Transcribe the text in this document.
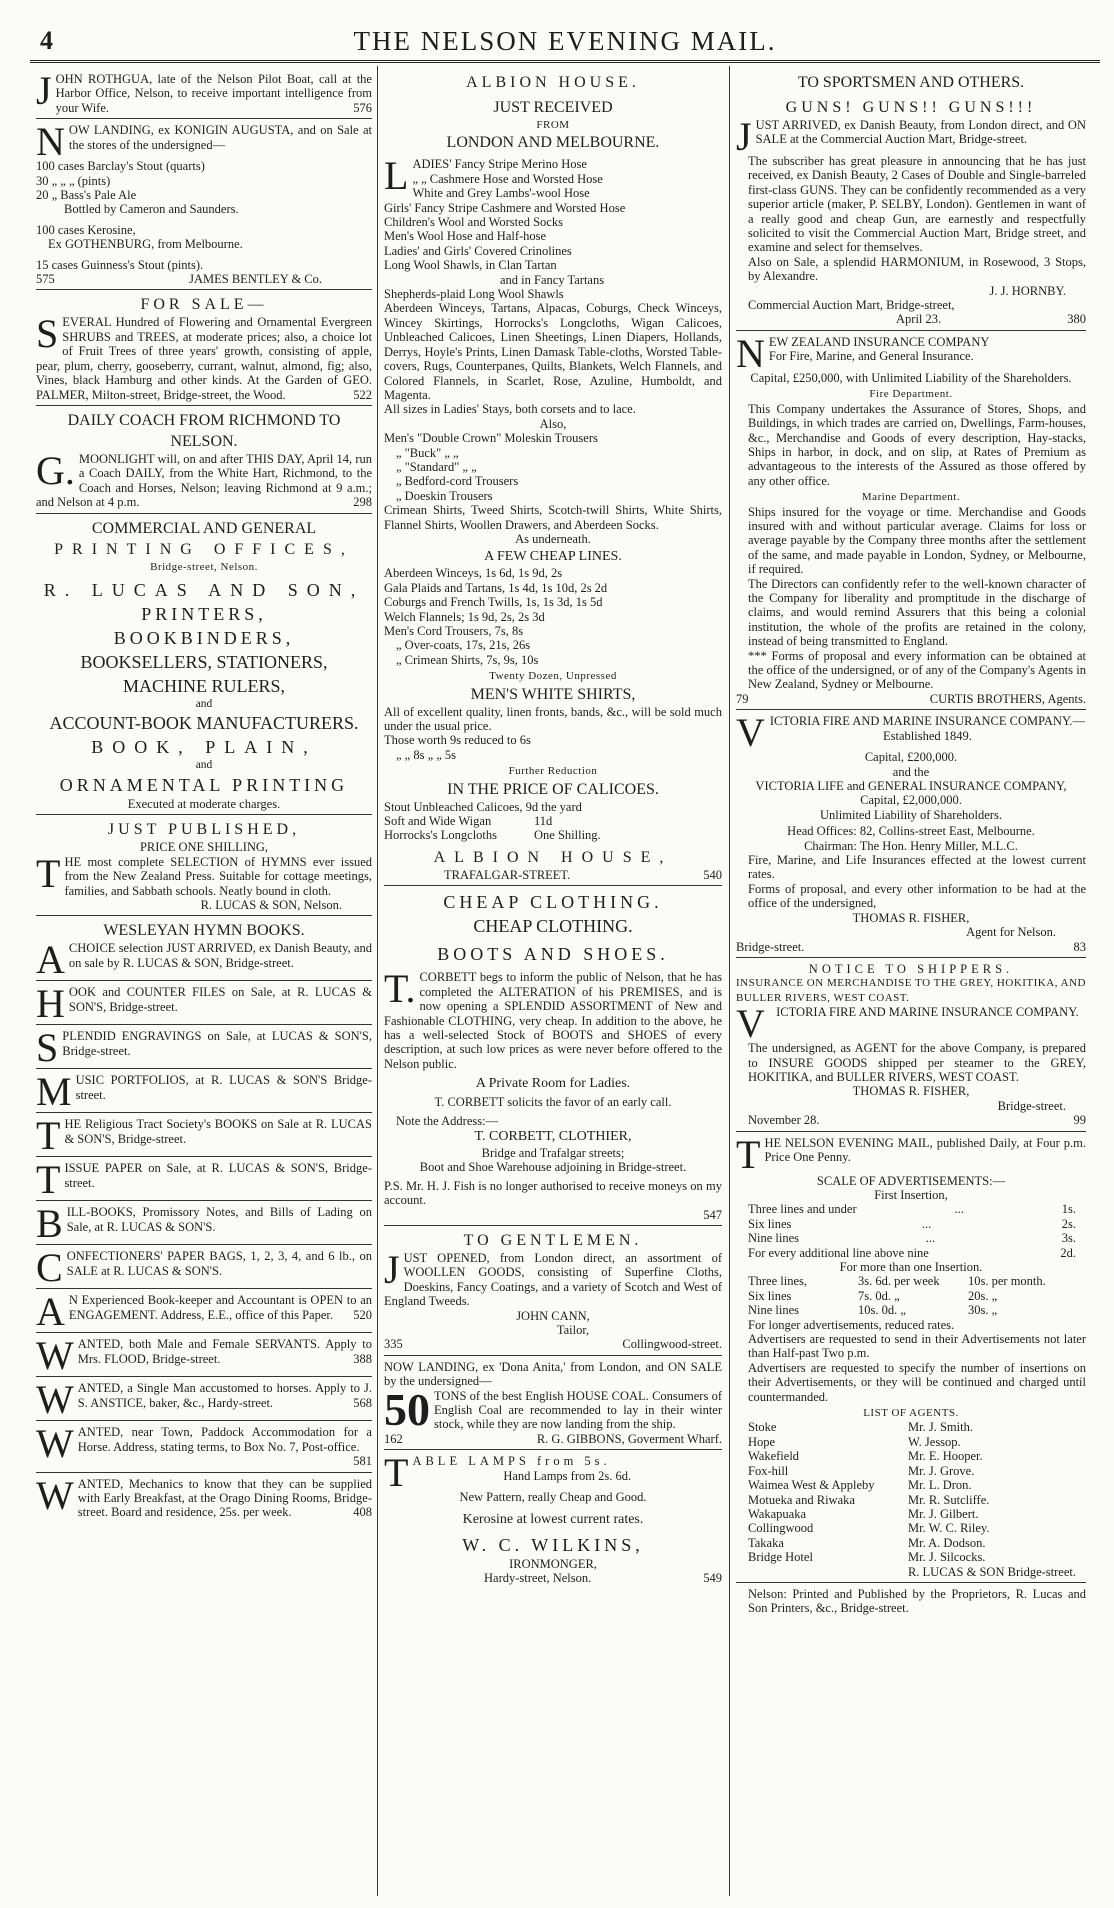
4	THE NELSON EVENING MAIL.

JOHN ROTHGUA, late of the Nelson Pilot Boat, call at the Harbor Office, Nelson, to receive important intelligence from your Wife.	576

NOW LANDING, ex KONIGIN AUGUSTA, and on Sale at the stores of the undersigned—

100 cases Barclay's Stout (quarts)

30 „ „ „ (pints)

20 „ Bass's Pale Ale

Bottled by Cameron and Saunders.

100 cases Kerosine,

Ex GOTHENBURG, from Melbourne.

15 cases Guinness's Stout (pints).

575	JAMES BENTLEY & Co.

FOR SALE—

SEVERAL Hundred of Flowering and Ornamental Evergreen SHRUBS and TREES, at moderate prices; also, a choice lot of Fruit Trees of three years' growth, consisting of apple, pear, plum, cherry, gooseberry, currant, walnut, almond, fig; also, Vines, black Hamburg and other kinds. At the Garden of GEO. PALMER, Milton-street, Bridge-street, the Wood.	522

DAILY COACH FROM RICHMOND TO NELSON.

G. MOONLIGHT will, on and after THIS DAY, April 14, run a Coach DAILY, from the White Hart, Richmond, to the Coach and Horses, Nelson; leaving Richmond at 9 a.m.; and Nelson at 4 p.m.	298

COMMERCIAL AND GENERAL

PRINTING OFFICES,

Bridge-street, Nelson.

R. LUCAS AND SON,

PRINTERS,

BOOKBINDERS,

BOOKSELLERS, STATIONERS,

MACHINE RULERS,

and

ACCOUNT-BOOK MANUFACTURERS.

BOOK, PLAIN,

and

ORNAMENTAL PRINTING

Executed at moderate charges.

JUST PUBLISHED,

PRICE ONE SHILLING,

THE most complete SELECTION of HYMNS ever issued from the New Zealand Press. Suitable for cottage meetings, families, and Sabbath schools. Neatly bound in cloth.

R. LUCAS & SON, Nelson.

WESLEYAN HYMN BOOKS.

ACHOICE selection JUST ARRIVED, ex Danish Beauty, and on sale by R. LUCAS & SON, Bridge-street.

HOOK and COUNTER FILES on Sale, at R. LUCAS & SON'S, Bridge-street.

SPLENDID ENGRAVINGS on Sale, at LUCAS & SON'S, Bridge-street.

MUSIC PORTFOLIOS, at R. LUCAS & SON'S Bridge-street.

THE Religious Tract Society's BOOKS on Sale at R. LUCAS & SON'S, Bridge-street.

TISSUE PAPER on Sale, at R. LUCAS & SON'S, Bridge-street.

BILL-BOOKS, Promissory Notes, and Bills of Lading on Sale, at R. LUCAS & SON'S.

CONFECTIONERS' PAPER BAGS, 1, 2, 3, 4, and 6 lb., on SALE at R. LUCAS & SON'S.

A N Experienced Book-keeper and Accountant is OPEN to an ENGAGEMENT. Address, E.E., office of this Paper. 520

WANTED, both Male and Female SERVANTS. Apply to Mrs. FLOOD, Bridge-street.	388

WANTED, a Single Man accustomed to horses. Apply to J. S. ANSTICE, baker, &c., Hardy-street.	568

WANTED, near Town, Paddock Accommodation for a Horse. Address, stating terms, to Box No. 7, Post-office.
581

WANTED, Mechanics to know that they can be supplied with Early Breakfast, at the Orago Dining Rooms, Bridge-street. Board and residence, 25s. per week.	408

ALBION HOUSE.

JUST RECEIVED

FROM

LONDON AND MELBOURNE.

LADIES' Fancy Stripe Merino Hose

„ „ Cashmere Hose and Worsted Hose

White and Grey Lambs'-wool Hose

Girls' Fancy Stripe Cashmere and Worsted Hose

Children's Wool and Worsted Socks

Men's Wool Hose and Half-hose

Ladies' and Girls' Covered Crinolines

Long Wool Shawls, in Clan Tartan

and in Fancy Tartans

Shepherds-plaid Long Wool Shawls

Aberdeen Winceys, Tartans, Alpacas, Coburgs, Check Winceys, Wincey Skirtings, Horrocks's Longcloths, Wigan Calicoes, Unbleached Calicoes, Linen Sheetings, Linen Diapers, Hollands, Derrys, Hoyle's Prints, Linen Damask Table-cloths, Worsted Table-covers, Rugs, Counterpanes, Quilts, Blankets, Welch Flannels, and Colored Flannels, in Scarlet, Rose, Azuline, Humboldt, and Magenta.

All sizes in Ladies' Stays, both corsets and to lace.

Also,

Men's "Double Crown" Moleskin Trousers

„ "Buck" „ „

„ "Standard" „ „

„ Bedford-cord Trousers

„ Doeskin Trousers

Crimean Shirts, Tweed Shirts, Scotch-twill Shirts, White Shirts, Flannel Shirts, Woollen Drawers, and Aberdeen Socks.

As underneath.

A FEW CHEAP LINES.

Aberdeen Winceys, 1s 6d, 1s 9d, 2s

Gala Plaids and Tartans, 1s 4d, 1s 10d, 2s 2d

Coburgs and French Twills, 1s, 1s 3d, 1s 5d

Welch Flannels; 1s 9d, 2s, 2s 3d

Men's Cord Trousers, 7s, 8s

„ Over-coats, 17s, 21s, 26s

„ Crimean Shirts, 7s, 9s, 10s

Twenty Dozen, Unpressed

MEN'S WHITE SHIRTS,

All of excellent quality, linen fronts, bands, &c., will be sold much under the usual price.

Those worth 9s reduced to 6s

„ „ 8s „ „ 5s

Further Reduction

IN THE PRICE OF CALICOES.

Stout Unbleached Calicoes, 9d the yard
Soft and Wide Wigan	11d
Horrocks's Longcloths	One Shilling.

ALBION HOUSE,

TRAFALGAR-STREET.	540

CHEAP CLOTHING.

CHEAP CLOTHING.

BOOTS AND SHOES.

T. CORBETT begs to inform the public of Nelson, that he has completed the ALTERATION of his PREMISES, and is now opening a SPLENDID ASSORTMENT of New and Fashionable CLOTHING, very cheap. In addition to the above, he has a well-selected Stock of BOOTS and SHOES of every description, at such low prices as were never before offered to the Nelson public.

A Private Room for Ladies.

T. CORBETT solicits the favor of an early call.

Note the Address:—

T. CORBETT, CLOTHIER,

Bridge and Trafalgar streets;

Boot and Shoe Warehouse adjoining in Bridge-street.

P.S. Mr. H. J. Fish is no longer authorised to receive moneys on my account.

547

TO GENTLEMEN.

JUST OPENED, from London direct, an assortment of WOOLLEN GOODS, consisting of Superfine Cloths, Doeskins, Fancy Coatings, and a variety of Scotch and West of England Tweeds.

JOHN CANN,

Tailor,

335	Collingwood-street.

NOW LANDING, ex 'Dona Anita,' from London, and ON SALE by the undersigned—

50 TONS of the best English HOUSE COAL. Consumers of English Coal are recommended to lay in their winter stock, while they are now landing from the ship.

162	R. G. GIBBONS, Goverment Wharf.

TABLE LAMPS from 5s.

Hand Lamps from 2s. 6d.

New Pattern, really Cheap and Good.

Kerosine at lowest current rates.

W. C. WILKINS,

IRONMONGER,

Hardy-street, Nelson.	549

TO SPORTSMEN AND OTHERS.

GUNS! GUNS!! GUNS!!!

JUST ARRIVED, ex Danish Beauty, from London direct, and ON SALE at the Commercial Auction Mart, Bridge-street.

The subscriber has great pleasure in announcing that he has just received, ex Danish Beauty, 2 Cases of Double and Single-barreled first-class GUNS. They can be confidently recommended as a very superior article (maker, P. SELBY, London). Gentlemen in want of a really good and cheap Gun, are earnestly and respectfully solicited to visit the Commercial Auction Mart, Bridge street, and examine and select for themselves.

Also on Sale, a splendid HARMONIUM, in Rosewood, 3 Stops, by Alexandre.

J. J. HORNBY.

Commercial Auction Mart, Bridge-street,

April 23.	380

NEW ZEALAND INSURANCE COMPANY

For Fire, Marine, and General Insurance.

Capital, £250,000, with Unlimited Liability of the Shareholders.

Fire Department.

This Company undertakes the Assurance of Stores, Shops, and Buildings, in which trades are carried on, Dwellings, Farm-houses, &c., Merchandise and Goods of every description, Hay-stacks, Ships in harbor, in dock, and on slip, at Rates of Premium as advantageous to the interests of the Assured as those offered by any other office.

Marine Department.

Ships insured for the voyage or time. Merchandise and Goods insured with and without particular average. Claims for loss or average payable by the Company three months after the settlement of the same, and made payable in London, Sydney, or Melbourne, if required.

The Directors can confidently refer to the well-known character of the Company for liberality and promptitude in the discharge of claims, and would remind Assurers that this being a colonial institution, the whole of the profits are retained in the colony, instead of being transmitted to England.

*** Forms of proposal and every information can be obtained at the office of the undersigned, or of any of the Company's Agents in New Zealand, Sydney or Melbourne.

79	CURTIS BROTHERS, Agents.

VICTORIA FIRE AND MARINE INSURANCE COMPANY.—Established 1849.

Capital, £200,000.

and the

VICTORIA LIFE and GENERAL INSURANCE COMPANY,

Capital, £2,000,000.

Unlimited Liability of Shareholders.

Head Offices: 82, Collins-street East, Melbourne.

Chairman: The Hon. Henry Miller, M.L.C.

Fire, Marine, and Life Insurances effected at the lowest current rates.

Forms of proposal, and every other information to be had at the office of the undersigned,

THOMAS R. FISHER,

Agent for Nelson.

Bridge-street.	83

NOTICE TO SHIPPERS.

INSURANCE ON MERCHANDISE TO THE GREY, HOKITIKA, AND BULLER RIVERS, WEST COAST.

VICTORIA FIRE AND MARINE INSURANCE COMPANY.

The undersigned, as AGENT for the above Company, is prepared to INSURE GOODS shipped per steamer to the GREY, HOKITIKA, and BULLER RIVERS, WEST COAST.

THOMAS R. FISHER,

Bridge-street.

November 28.	99

THE NELSON EVENING MAIL, published Daily, at Four p.m. Price One Penny.

SCALE OF ADVERTISEMENTS:—

First Insertion,

Three lines and under	...	1s.
Six lines	...	2s.
Nine lines	...	3s.
For every additional line above nine	2d.

For more than one Insertion.

Three lines,	3s. 6d. per week	10s. per month.
Six lines	7s. 0d. „	20s. „
Nine lines	10s. 0d. „	30s. „

For longer advertisements, reduced rates.

Advertisers are requested to send in their Advertisements not later than Half-past Two p.m.

Advertisers are requested to specify the number of insertions on their Advertisements, or they will be continued and charged until countermanded.

LIST OF AGENTS.

Stoke	Mr. J. Smith.

Hope	W. Jessop.

Wakefield	Mr. E. Hooper.

Fox-hill	Mr. J. Grove.

Waimea West & Appleby	Mr. L. Dron.

Motueka and Riwaka	Mr. R. Sutcliffe.

Wakapuaka	Mr. J. Gilbert.

Collingwood	Mr. W. C. Riley.

Takaka	Mr. A. Dodson.

Bridge Hotel	Mr. J. Silcocks.

R. LUCAS & SON Bridge-street.

Nelson: Printed and Published by the Proprietors, R. Lucas and Son Printers, &c., Bridge-street.
